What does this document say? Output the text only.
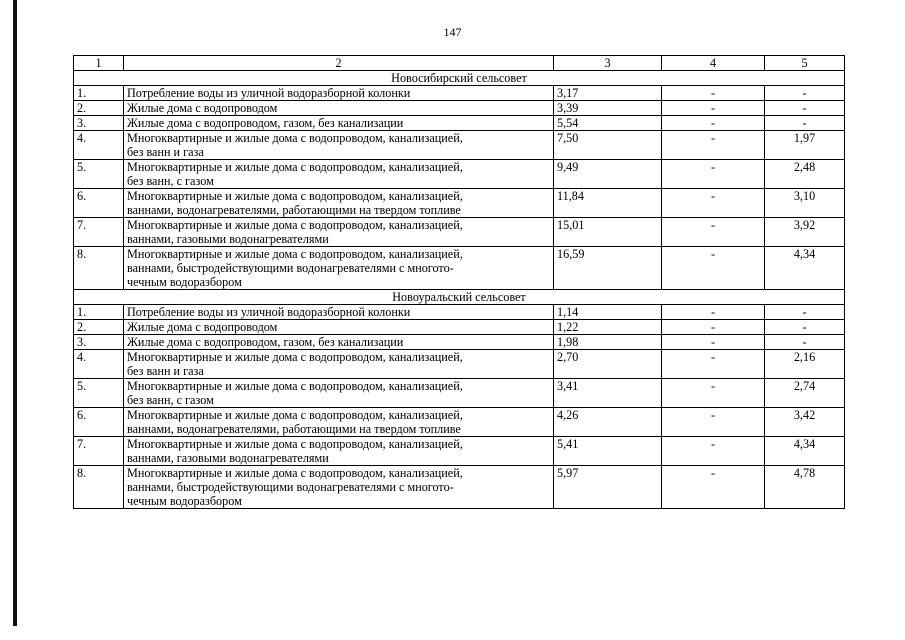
147
1	2	3	4	5
Новосибирский сельсовет				
1.	Потребление воды из уличной водоразборной колонки	3,17	-	-
2.	Жилые дома с водопроводом	3,39	-	-
3.	Жилые дома с водопроводом, газом, без канализации	5,54	-	-
4.	Многоквартирные и жилые дома с водопроводом, канализацией,
без ванн и газа	7,50	-	1,97
5.	Многоквартирные и жилые дома с водопроводом, канализацией,
без ванн, с газом	9,49	-	2,48
6.	Многоквартирные и жилые дома с водопроводом, канализацией,
ваннами, водонагревателями, работающими на твердом топливе	11,84	-	3,10
7.	Многоквартирные и жилые дома с водопроводом, канализацией,
ваннами, газовыми водонагревателями	15,01	-	3,92
8.	Многоквартирные и жилые дома с водопроводом, канализацией,
ваннами, быстродействующими водонагревателями с многото-
чечным водоразбором	16,59	-	4,34
Новоуральский сельсовет				
1.	Потребление воды из уличной водоразборной колонки	1,14	-	-
2.	Жилые дома с водопроводом	1,22	-	-
3.	Жилые дома с водопроводом, газом, без канализации	1,98	-	-
4.	Многоквартирные и жилые дома с водопроводом, канализацией,
без ванн и газа	2,70	-	2,16
5.	Многоквартирные и жилые дома с водопроводом, канализацией,
без ванн, с газом	3,41	-	2,74
6.	Многоквартирные и жилые дома с водопроводом, канализацией,
ваннами, водонагревателями, работающими на твердом топливе	4,26	-	3,42
7.	Многоквартирные и жилые дома с водопроводом, канализацией,
ваннами, газовыми водонагревателями	5,41	-	4,34
8.	Многоквартирные и жилые дома с водопроводом, канализацией,
ваннами, быстродействующими водонагревателями с многото-
чечным водоразбором	5,97	-	4,78
